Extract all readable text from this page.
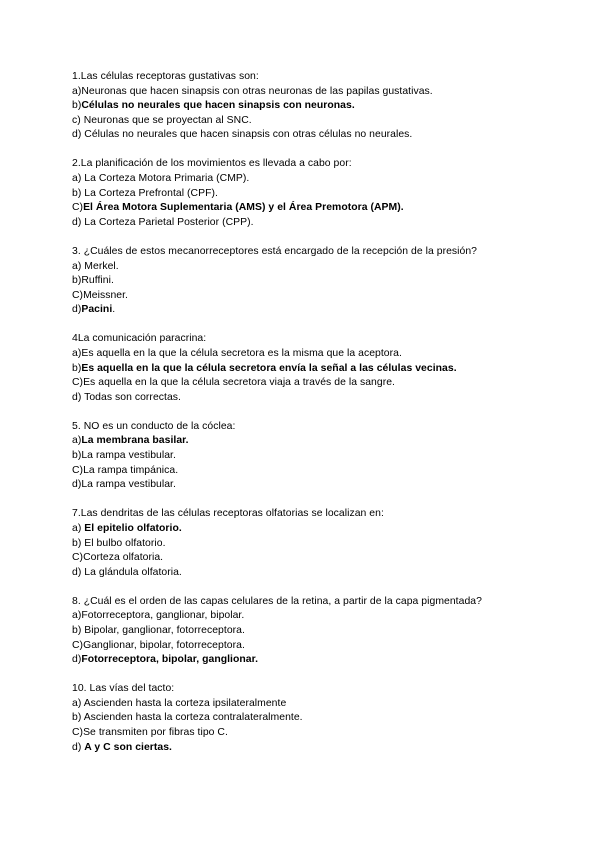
1.Las células receptoras gustativas son:
a)Neuronas que hacen sinapsis con otras neuronas de las papilas gustativas.
b)Células no neurales que hacen sinapsis con neuronas.
c) Neuronas que se proyectan al SNC.
d) Células no neurales que hacen sinapsis con otras células no neurales.
2.La planificación de los movimientos es llevada a cabo por:
a) La Corteza Motora Primaria (CMP).
b) La Corteza Prefrontal (CPF).
C)El Área Motora Suplementaria (AMS) y el Área Premotora (APM).
d) La Corteza Parietal Posterior (CPP).
3. ¿Cuáles de estos mecanorreceptores está encargado de la recepción de la presión?
a) Merkel.
b)Ruffini.
C)Meissner.
d)Pacini.
4La comunicación paracrina:
a)Es aquella en la que la célula secretora es la misma que la aceptora.
b)Es aquella en la que la célula secretora envía la señal a las células vecinas.
C)Es aquella en la que la célula secretora viaja a través de la sangre.
d) Todas son correctas.
5. NO es un conducto de la cóclea:
a)La membrana basilar.
b)La rampa vestibular.
C)La rampa timpánica.
d)La rampa vestibular.
7.Las dendritas de las células receptoras olfatorias se localizan en:
a) El epitelio olfatorio.
b) El bulbo olfatorio.
C)Corteza olfatoria.
d) La glándula olfatoria.
8. ¿Cuál es el orden de las capas celulares de la retina, a partir de la capa pigmentada?
a)Fotorreceptora, ganglionar, bipolar.
b) Bipolar, ganglionar, fotorreceptora.
C)Ganglionar, bipolar, fotorreceptora.
d)Fotorreceptora, bipolar, ganglionar.
10. Las vías del tacto:
a) Ascienden hasta la corteza ipsilateralmente
b) Ascienden hasta la corteza contralateralmente.
C)Se transmiten por fibras tipo C.
d) A y C son ciertas.
